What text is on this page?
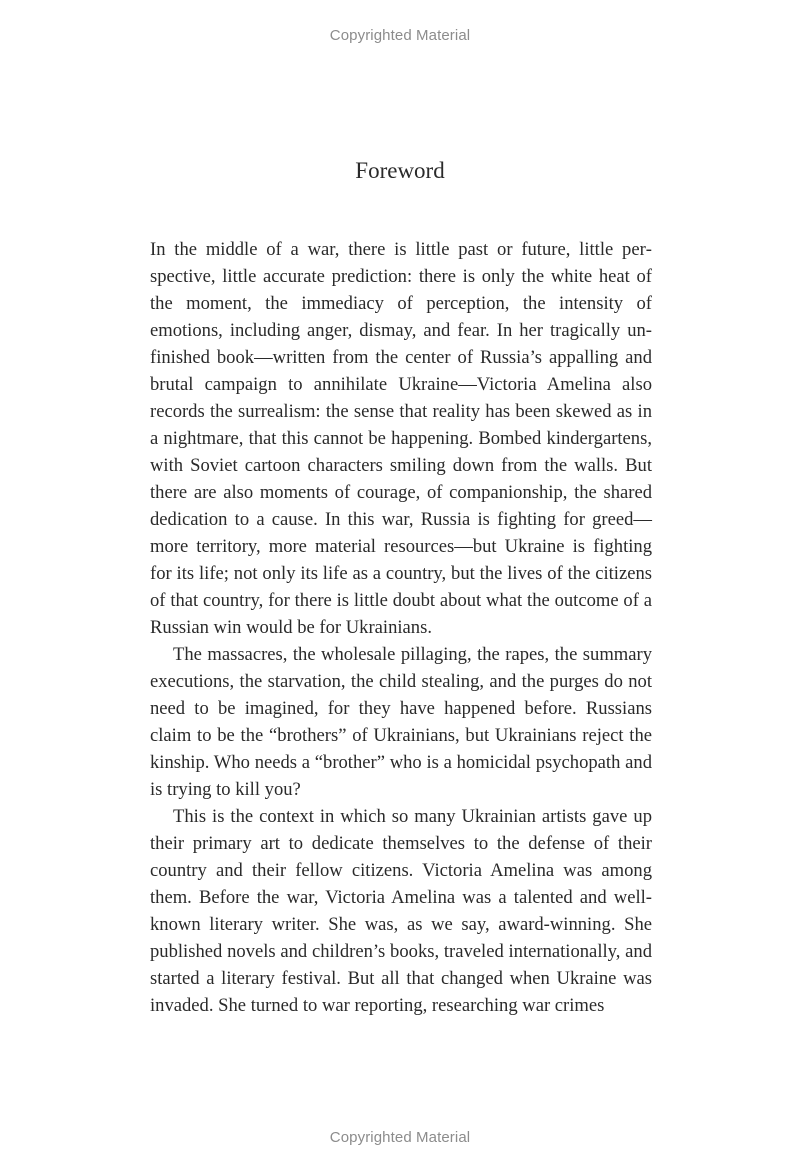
Copyrighted Material
Foreword

In the middle of a war, there is little past or future, little perspective, little accurate prediction: there is only the white heat of the moment, the immediacy of perception, the intensity of emotions, including anger, dismay, and fear. In her tragically unfinished book—written from the center of Russia’s appalling and brutal campaign to annihilate Ukraine—Victoria Amelina also records the surrealism: the sense that reality has been skewed as in a nightmare, that this cannot be happening. Bombed kindergartens, with Soviet cartoon characters smiling down from the walls. But there are also moments of courage, of companionship, the shared dedication to a cause. In this war, Russia is fighting for greed—more territory, more material resources—but Ukraine is fighting for its life; not only its life as a country, but the lives of the citizens of that country, for there is little doubt about what the outcome of a Russian win would be for Ukrainians.

The massacres, the wholesale pillaging, the rapes, the summary executions, the starvation, the child stealing, and the purges do not need to be imagined, for they have happened before. Russians claim to be the “brothers” of Ukrainians, but Ukrainians reject the kinship. Who needs a “brother” who is a homicidal psychopath and is trying to kill you?

This is the context in which so many Ukrainian artists gave up their primary art to dedicate themselves to the defense of their country and their fellow citizens. Victoria Amelina was among them. Before the war, Victoria Amelina was a talented and well-known literary writer. She was, as we say, award-winning. She published novels and children’s books, traveled internationally, and started a literary festival. But all that changed when Ukraine was invaded. She turned to war reporting, researching war crimes

Copyrighted Material
